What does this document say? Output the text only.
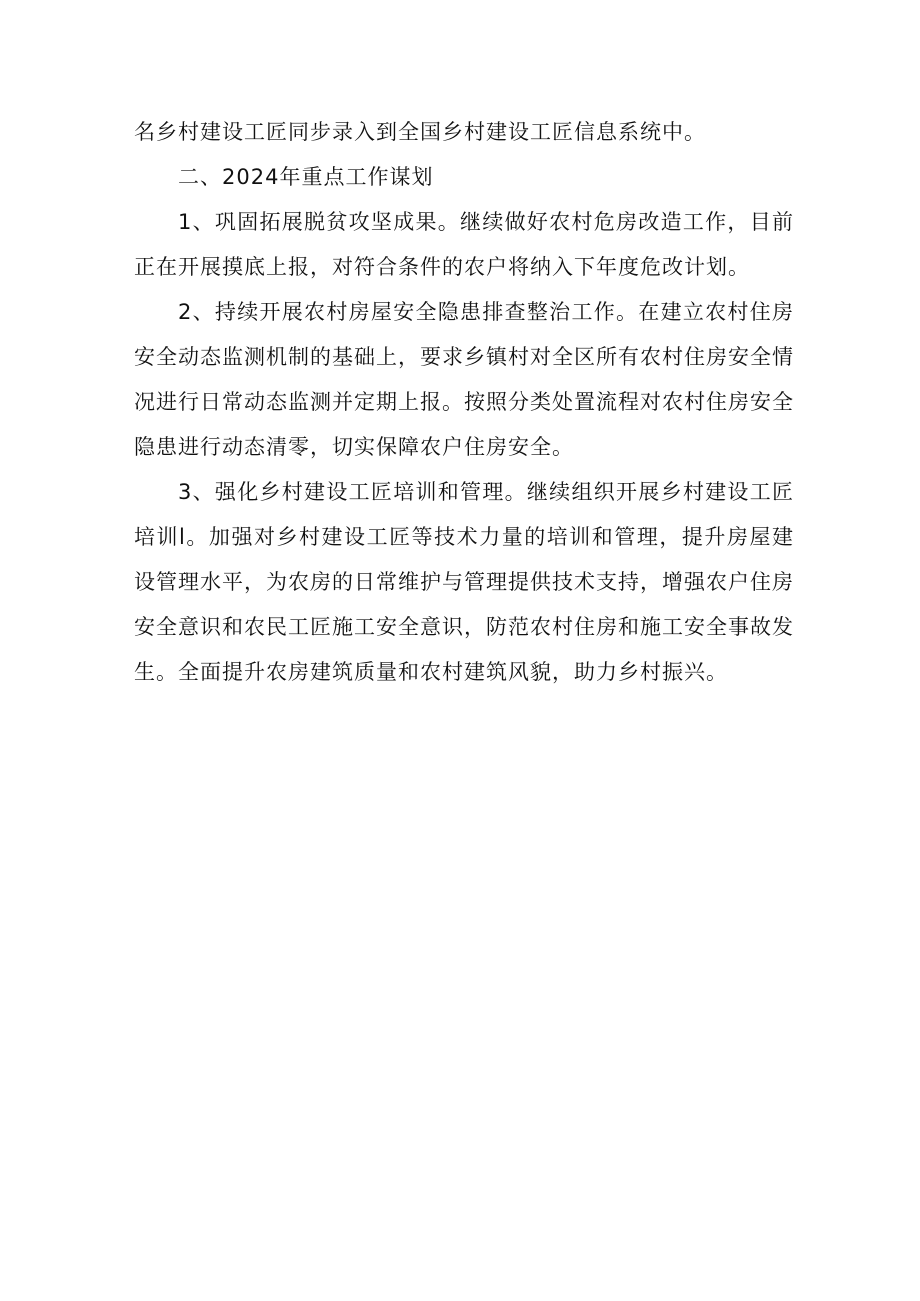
名乡村建设工匠同步录入到全国乡村建设工匠信息系统中。

二、2024年重点工作谋划

1、巩固拓展脱贫攻坚成果。继续做好农村危房改造工作，目前正在开展摸底上报，对符合条件的农户将纳入下年度危改计划。

2、持续开展农村房屋安全隐患排查整治工作。在建立农村住房安全动态监测机制的基础上，要求乡镇村对全区所有农村住房安全情况进行日常动态监测并定期上报。按照分类处置流程对农村住房安全隐患进行动态清零，切实保障农户住房安全。

3、强化乡村建设工匠培训和管理。继续组织开展乡村建设工匠培训l。加强对乡村建设工匠等技术力量的培训和管理，提升房屋建设管理水平，为农房的日常维护与管理提供技术支持，增强农户住房安全意识和农民工匠施工安全意识，防范农村住房和施工安全事故发生。全面提升农房建筑质量和农村建筑风貌，助力乡村振兴。
